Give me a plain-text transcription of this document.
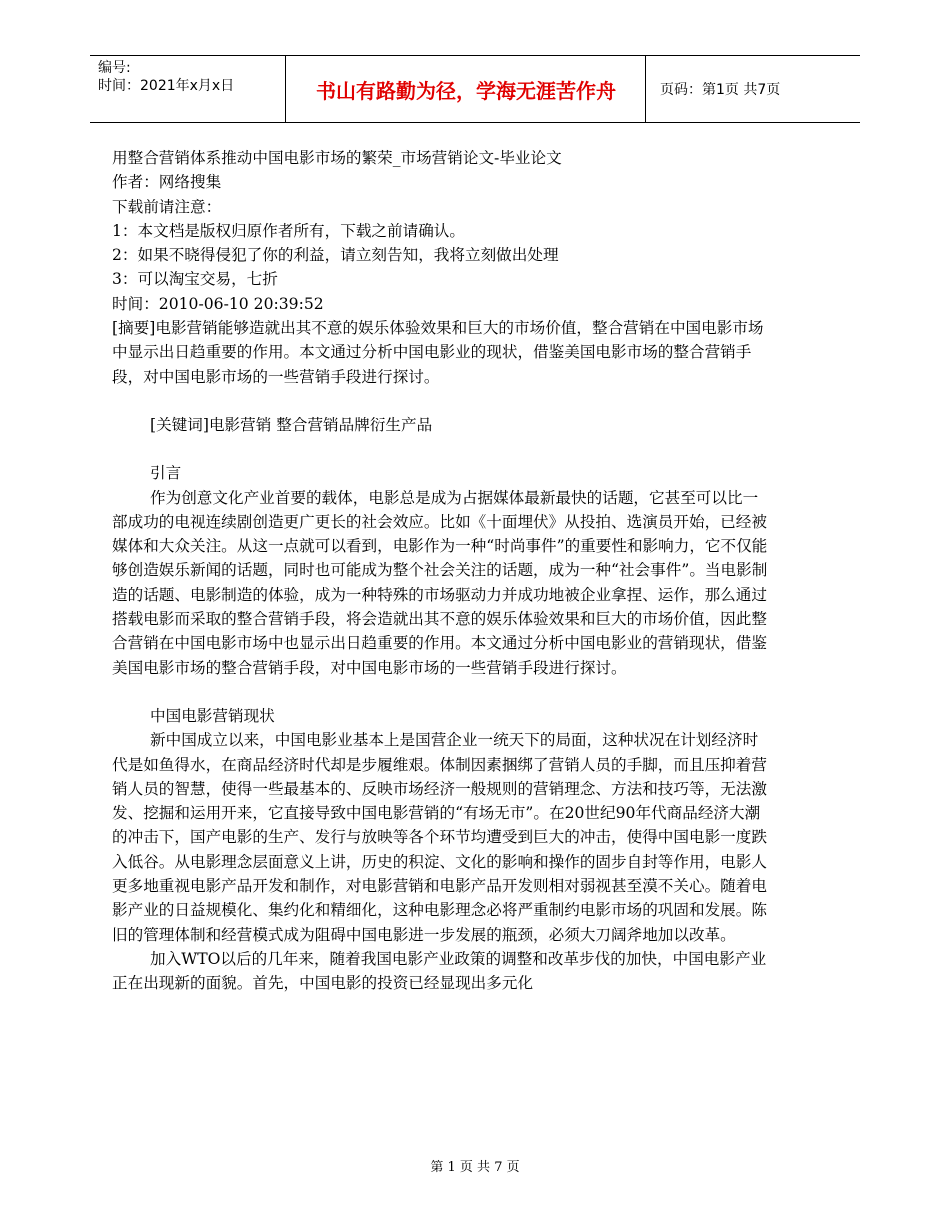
编号:
时间：2021年x月x日	书山有路勤为径，学海无涯苦作舟	页码：第1页 共7页

用整合营销体系推动中国电影市场的繁荣_市场营销论文-毕业论文

作者：网络搜集

下载前请注意：

1：本文档是版权归原作者所有，下载之前请确认。

2：如果不晓得侵犯了你的利益，请立刻告知，我将立刻做出处理

3：可以淘宝交易，七折

时间：2010-06-10 20:39:52

[摘要]电影营销能够造就出其不意的娱乐体验效果和巨大的市场价值，整合营销在中国电影市场中显示出日趋重要的作用。本文通过分析中国电影业的现状，借鉴美国电影市场的整合营销手段，对中国电影市场的一些营销手段进行探讨。

[关键词]电影营销 整合营销品牌衍生产品

引言

作为创意文化产业首要的载体，电影总是成为占据媒体最新最快的话题，它甚至可以比一部成功的电视连续剧创造更广更长的社会效应。比如《十面埋伏》从投拍、选演员开始，已经被媒体和大众关注。从这一点就可以看到，电影作为一种“时尚事件”的重要性和影响力，它不仅能够创造娱乐新闻的话题，同时也可能成为整个社会关注的话题，成为一种“社会事件”。当电影制造的话题、电影制造的体验，成为一种特殊的市场驱动力并成功地被企业拿捏、运作，那么通过搭载电影而采取的整合营销手段，将会造就出其不意的娱乐体验效果和巨大的市场价值，因此整合营销在中国电影市场中也显示出日趋重要的作用。本文通过分析中国电影业的营销现状，借鉴美国电影市场的整合营销手段，对中国电影市场的一些营销手段进行探讨。

中国电影营销现状

新中国成立以来，中国电影业基本上是国营企业一统天下的局面，这种状况在计划经济时代是如鱼得水，在商品经济时代却是步履维艰。体制因素捆绑了营销人员的手脚，而且压抑着营销人员的智慧，使得一些最基本的、反映市场经济一般规则的营销理念、方法和技巧等，无法激发、挖掘和运用开来，它直接导致中国电影营销的“有场无市”。在20世纪90年代商品经济大潮的冲击下，国产电影的生产、发行与放映等各个环节均遭受到巨大的冲击，使得中国电影一度跌入低谷。从电影理念层面意义上讲，历史的积淀、文化的影响和操作的固步自封等作用，电影人更多地重视电影产品开发和制作，对电影营销和电影产品开发则相对弱视甚至漠不关心。随着电影产业的日益规模化、集约化和精细化，这种电影理念必将严重制约电影市场的巩固和发展。陈旧的管理体制和经营模式成为阻碍中国电影进一步发展的瓶颈，必须大刀阔斧地加以改革。

加入WTO以后的几年来，随着我国电影产业政策的调整和改革步伐的加快，中国电影产业正在出现新的面貌。首先，中国电影的投资已经显现出多元化

第 1 页 共 7 页
